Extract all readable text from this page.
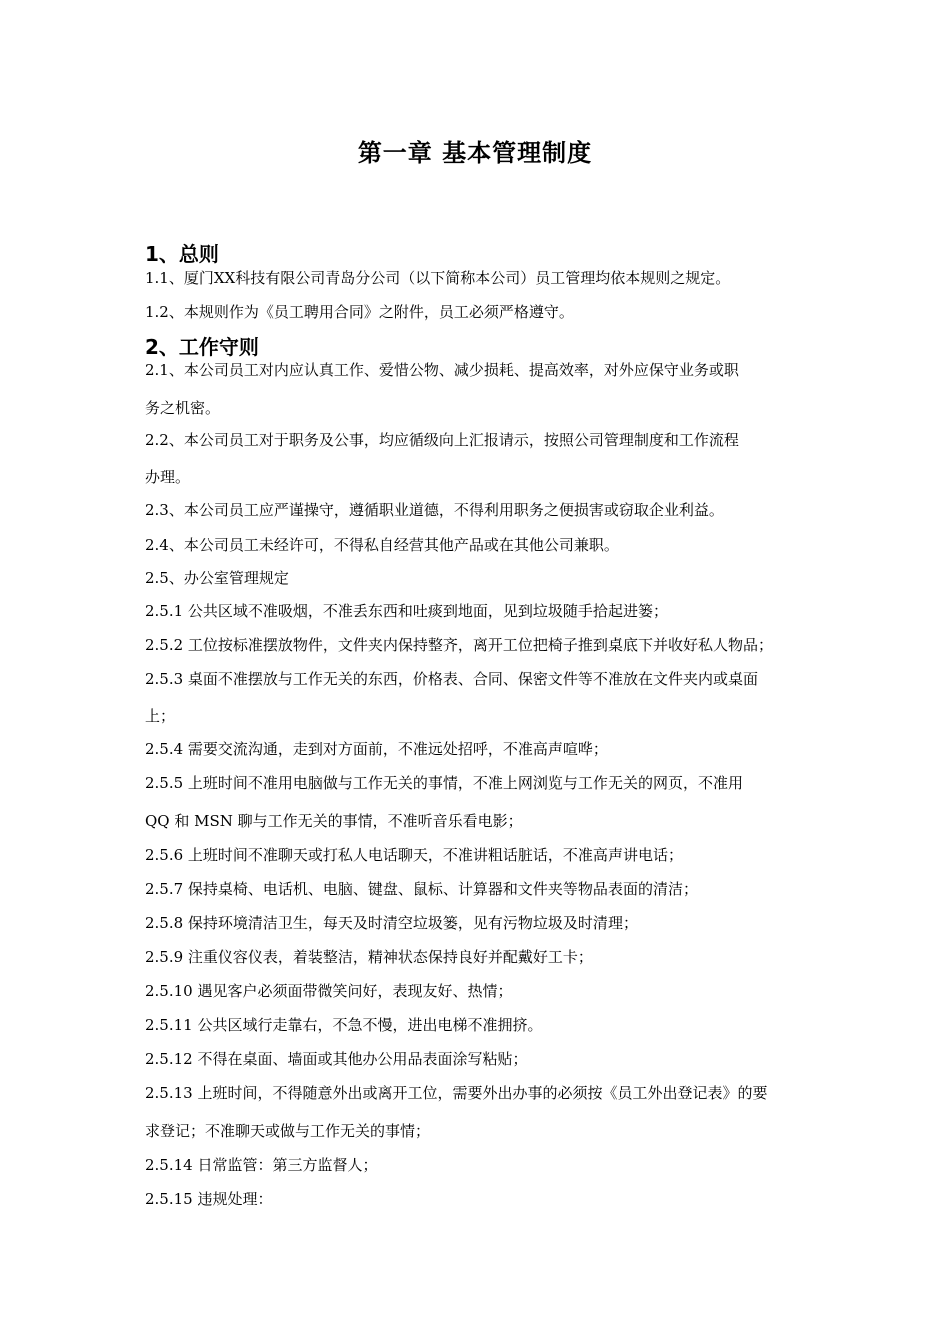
第一章 基本管理制度
1、总则
1.1、厦门XX科技有限公司青岛分公司（以下简称本公司）员工管理均依本规则之规定。
1.2、本规则作为《员工聘用合同》之附件，员工必须严格遵守。
2、工作守则
2.1、本公司员工对内应认真工作、爱惜公物、减少损耗、提高效率，对外应保守业务或职
务之机密。
2.2、本公司员工对于职务及公事，均应循级向上汇报请示，按照公司管理制度和工作流程
办理。
2.3、本公司员工应严谨操守，遵循职业道德，不得利用职务之便损害或窃取企业利益。
2.4、本公司员工未经许可，不得私自经营其他产品或在其他公司兼职。
2.5、办公室管理规定
2.5.1 公共区域不准吸烟，不准丢东西和吐痰到地面，见到垃圾随手拾起进篓；
2.5.2 工位按标准摆放物件，文件夹内保持整齐，离开工位把椅子推到桌底下并收好私人物品；
2.5.3 桌面不准摆放与工作无关的东西，价格表、合同、保密文件等不准放在文件夹内或桌面
上；
2.5.4 需要交流沟通，走到对方面前，不准远处招呼，不准高声喧哗；
2.5.5 上班时间不准用电脑做与工作无关的事情，不准上网浏览与工作无关的网页，不准用
QQ 和 MSN 聊与工作无关的事情，不准听音乐看电影；
2.5.6 上班时间不准聊天或打私人电话聊天，不准讲粗话脏话，不准高声讲电话；
2.5.7 保持桌椅、电话机、电脑、键盘、鼠标、计算器和文件夹等物品表面的清洁；
2.5.8 保持环境清洁卫生，每天及时清空垃圾篓，见有污物垃圾及时清理；
2.5.9 注重仪容仪表，着装整洁，精神状态保持良好并配戴好工卡；
2.5.10 遇见客户必须面带微笑问好，表现友好、热情；
2.5.11 公共区域行走靠右，不急不慢，进出电梯不准拥挤。
2.5.12 不得在桌面、墙面或其他办公用品表面涂写粘贴；
2.5.13 上班时间，不得随意外出或离开工位，需要外出办事的必须按《员工外出登记表》的要
求登记；不准聊天或做与工作无关的事情；
2.5.14 日常监管：第三方监督人；
2.5.15 违规处理：
